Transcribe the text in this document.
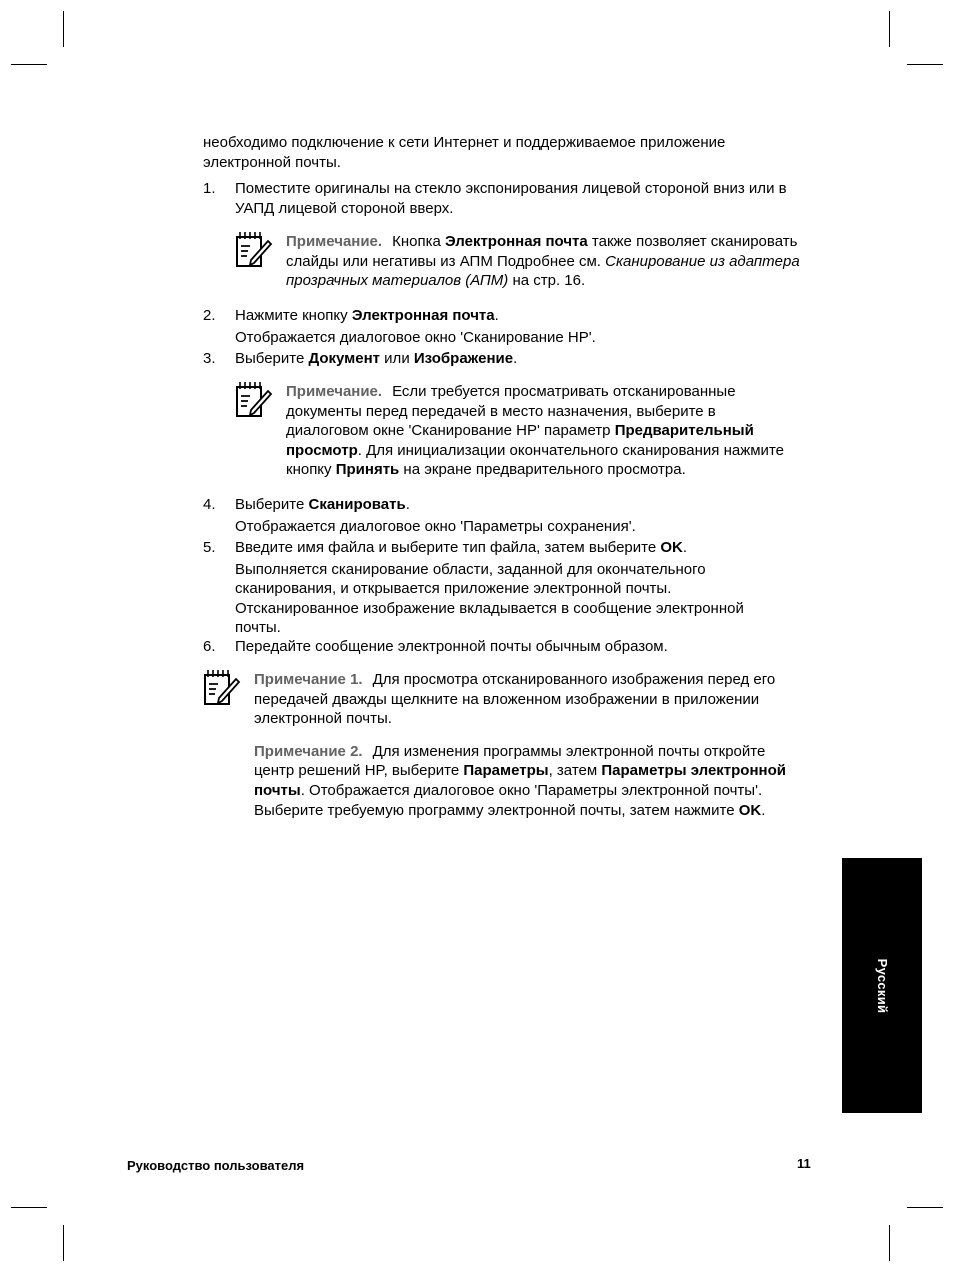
необходимо подключение к сети Интернет и поддерживаемое приложение электронной почты.

1.	Поместите оригиналы на стекло экспонирования лицевой стороной вниз или в УАПД лицевой стороной вверх.

Примечание. Кнопка Электронная почта также позволяет сканировать слайды или негативы из АПМ Подробнее см. Сканирование из адаптера прозрачных материалов (АПМ) на стр. 16.

2.	Нажмите кнопку Электронная почта.

Отображается диалоговое окно 'Сканирование HP'.

3.	Выберите Документ или Изображение.

Примечание. Если требуется просматривать отсканированные документы перед передачей в место назначения, выберите в диалоговом окне 'Сканирование HP' параметр Предварительный просмотр. Для инициализации окончательного сканирования нажмите кнопку Принять на экране предварительного просмотра.

4.	Выберите Сканировать.

Отображается диалоговое окно 'Параметры сохранения'.

5.	Введите имя файла и выберите тип файла, затем выберите OK.

Выполняется сканирование области, заданной для окончательного сканирования, и открывается приложение электронной почты. Отсканированное изображение вкладывается в сообщение электронной почты.

6.	Передайте сообщение электронной почты обычным образом.

Примечание 1. Для просмотра отсканированного изображения перед его передачей дважды щелкните на вложенном изображении в приложении электронной почты.

Примечание 2. Для изменения программы электронной почты откройте центр решений HP, выберите Параметры, затем Параметры электронной почты. Отображается диалоговое окно 'Параметры электронной почты'. Выберите требуемую программу электронной почты, затем нажмите OK.

Русский
Руководство пользователя	11
